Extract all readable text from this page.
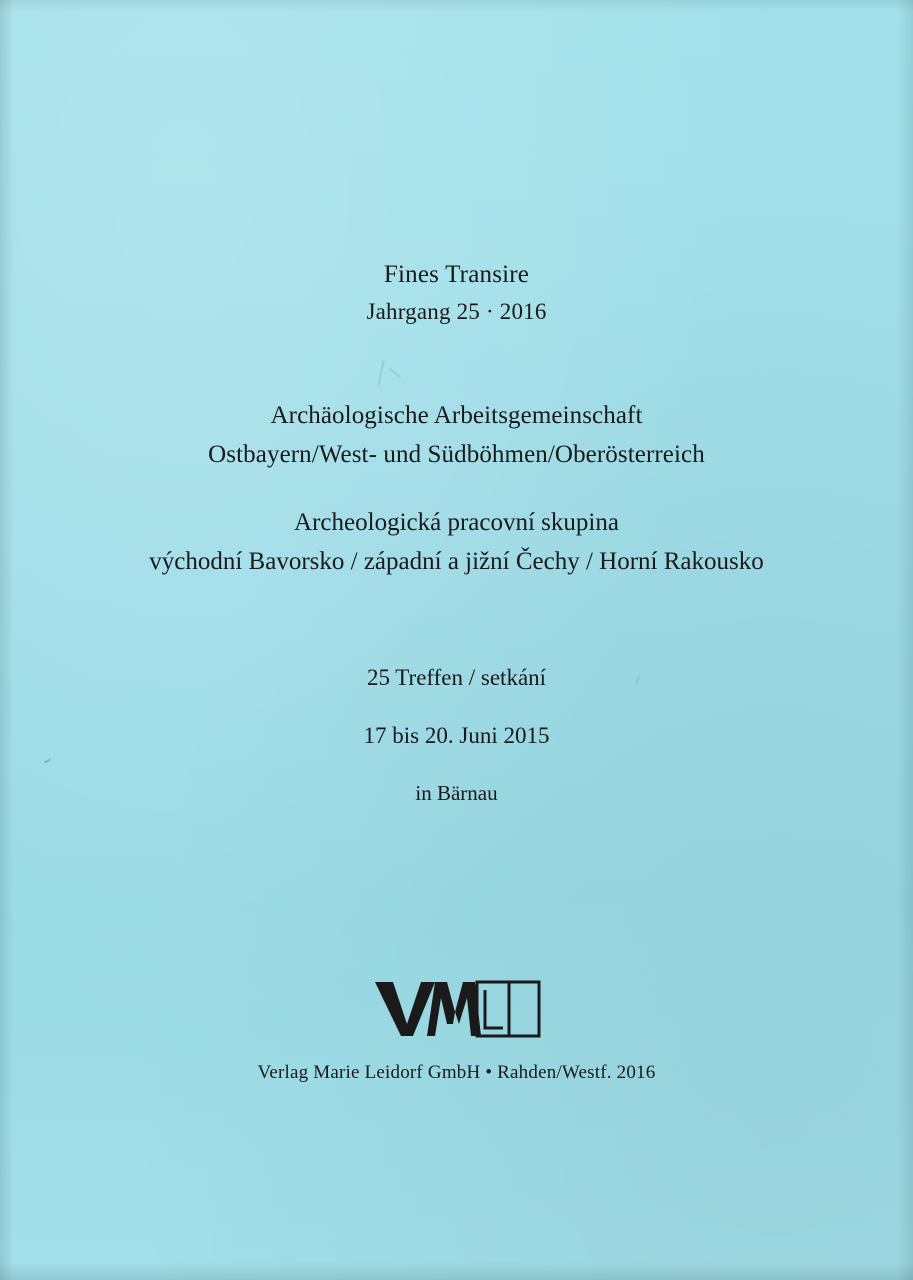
Fines Transire
Jahrgang 25 · 2016
Archäologische Arbeitsgemeinschaft
Ostbayern/West- und Südböhmen/Oberösterreich
Archeologická pracovní skupina
východní Bavorsko / západní a jižní Čechy / Horní Rakousko
25 Treffen / setkání
17 bis 20. Juni 2015
in Bärnau
Verlag Marie Leidorf GmbH • Rahden/Westf. 2016
